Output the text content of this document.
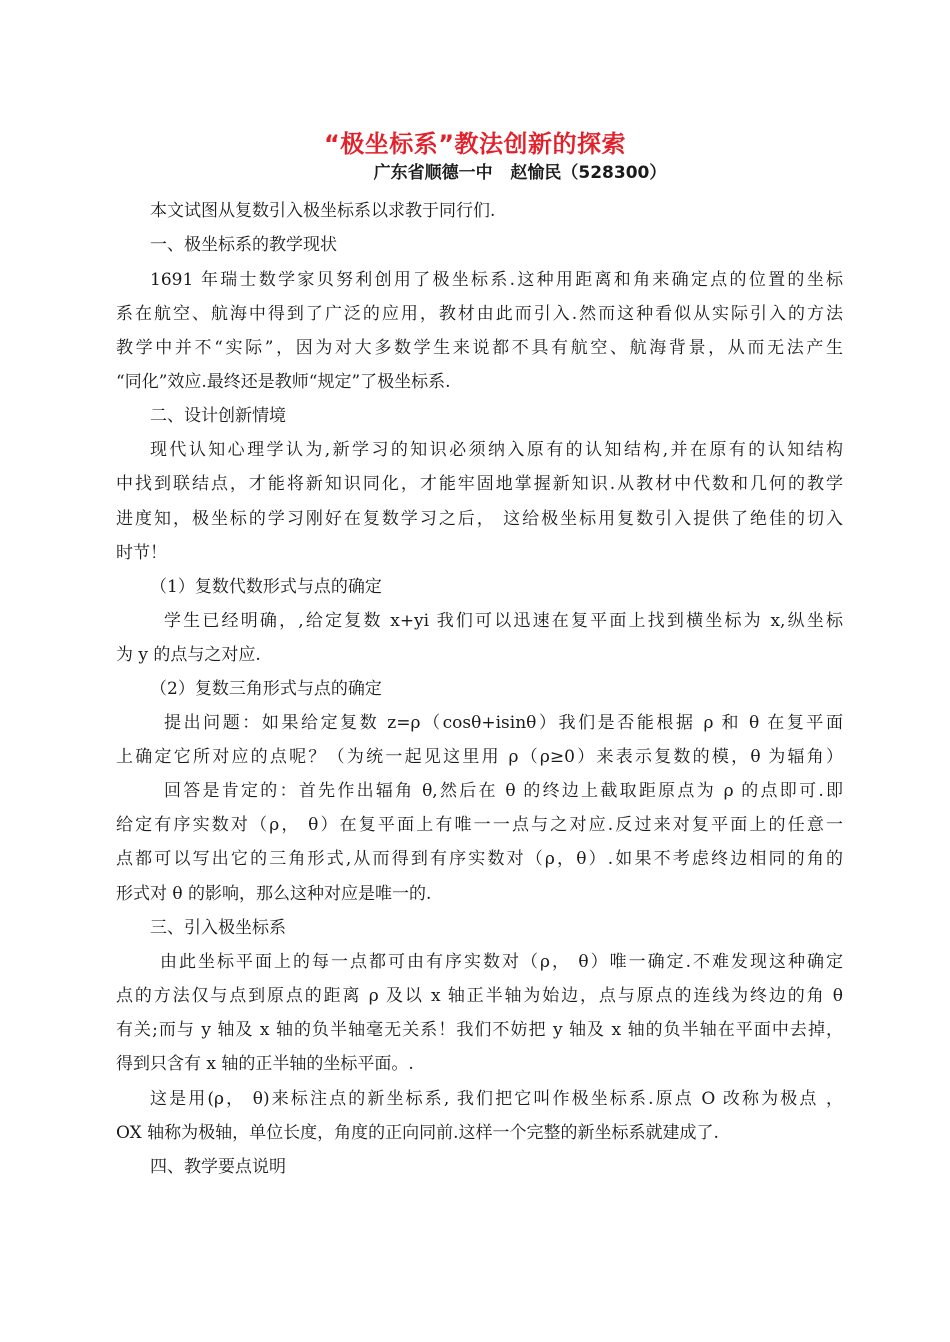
“极坐标系”教法创新的探索
广东省顺德一中   赵愉民（528300）
本文试图从复数引入极坐标系以求教于同行们.
一、极坐标系的教学现状
1691 年瑞士数学家贝努利创用了极坐标系.这种用距离和角来确定点的位置的坐标
系在航空、航海中得到了广泛的应用，教材由此而引入.然而这种看似从实际引入的方法
教学中并不“实际”，因为对大多数学生来说都不具有航空、航海背景，从而无法产生
“同化”效应.最终还是教师“规定”了极坐标系.
二、设计创新情境
现代认知心理学认为,新学习的知识必须纳入原有的认知结构,并在原有的认知结构
中找到联结点，才能将新知识同化，才能牢固地掌握新知识.从教材中代数和几何的教学
进度知，极坐标的学习刚好在复数学习之后， 这给极坐标用复数引入提供了绝佳的切入
时节！
（1）复数代数形式与点的确定
学生已经明确，,给定复数 x+yi 我们可以迅速在复平面上找到横坐标为 x,纵坐标
为 y 的点与之对应.
（2）复数三角形式与点的确定
提出问题：如果给定复数 z=ρ（cosθ+isinθ）我们是否能根据 ρ 和 θ 在复平面
上确定它所对应的点呢？（为统一起见这里用 ρ（ρ≥0）来表示复数的模，θ 为辐角）
回答是肯定的：首先作出辐角 θ,然后在 θ 的终边上截取距原点为 ρ 的点即可.即
给定有序实数对（ρ， θ）在复平面上有唯一一点与之对应.反过来对复平面上的任意一
点都可以写出它的三角形式,从而得到有序实数对（ρ，θ）.如果不考虑终边相同的角的
形式对 θ 的影响，那么这种对应是唯一的.
三、引入极坐标系
由此坐标平面上的每一点都可由有序实数对（ρ， θ）唯一确定.不难发现这种确定
点的方法仅与点到原点的距离 ρ 及以 x 轴正半轴为始边，点与原点的连线为终边的角 θ
有关;而与 y 轴及 x 轴的负半轴毫无关系！我们不妨把 y 轴及 x 轴的负半轴在平面中去掉，
得到只含有 x 轴的正半轴的坐标平面。.
这是用(ρ， θ)来标注点的新坐标系, 我们把它叫作极坐标系.原点 O 改称为极点 ，
OX 轴称为极轴，单位长度，角度的正向同前.这样一个完整的新坐标系就建成了.
四、教学要点说明
